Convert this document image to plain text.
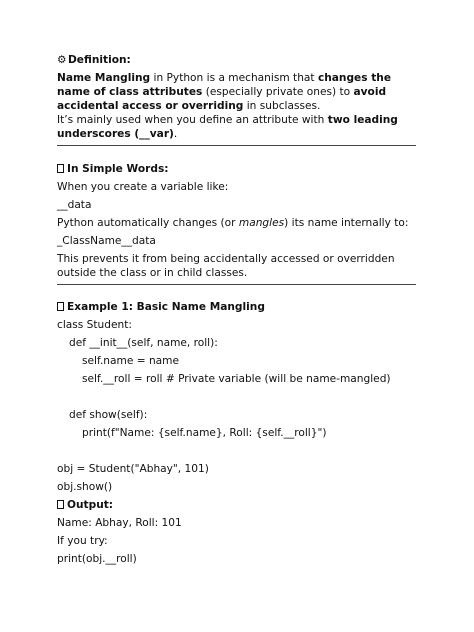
⚙ Definition:

Name Mangling in Python is a mechanism that changes the name of class attributes (especially private ones) to avoid accidental access or overriding in subclasses.

It’s mainly used when you define an attribute with two leading underscores (__var).

In Simple Words:

When you create a variable like:

__data

Python automatically changes (or mangles) its name internally to:

_ClassName__data

This prevents it from being accidentally accessed or overridden outside the class or in child classes.

Example 1: Basic Name Mangling

class Student:

def __init__(self, name, roll):

self.name = name

self.__roll = roll # Private variable (will be name-mangled)

def show(self):

print(f"Name: {self.name}, Roll: {self.__roll}")

obj = Student("Abhay", 101)

obj.show()

Output:

Name: Abhay, Roll: 101

If you try:

print(obj.__roll)
